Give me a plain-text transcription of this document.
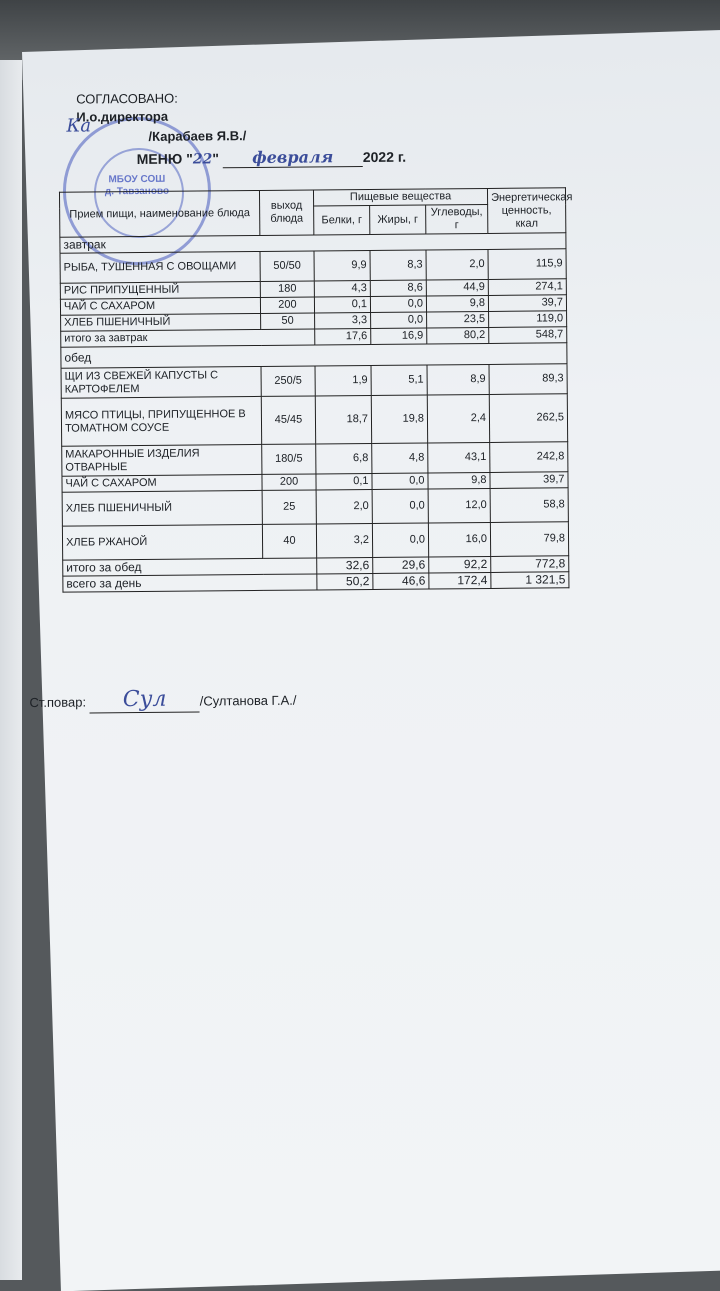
МБОУ СОШ
д. Тавзаново
СОГЛАСОВАНО:
И.о.директора
Ка	/Карабаев Я.В./
МЕНЮ "22" февраля 2022 г.
Прием пищи, наименование блюда	выход блюда	Пищевые вещества			Энергетическая ценность, ккал
		Белки, г	Жиры, г	Углеводы, г	
завтрак					
РЫБА, ТУШЕННАЯ С ОВОЩАМИ	50/50	9,9	8,3	2,0	115,9
РИС ПРИПУЩЕННЫЙ	180	4,3	8,6	44,9	274,1
ЧАЙ С САХАРОМ	200	0,1	0,0	9,8	39,7
ХЛЕБ ПШЕНИЧНЫЙ	50	3,3	0,0	23,5	119,0
итого за завтрак		17,6	16,9	80,2	548,7
обед					
ЩИ ИЗ СВЕЖЕЙ КАПУСТЫ С КАРТОФЕЛЕМ	250/5	1,9	5,1	8,9	89,3
МЯСО ПТИЦЫ, ПРИПУЩЕННОЕ В ТОМАТНОМ СОУСЕ	45/45	18,7	19,8	2,4	262,5
МАКАРОННЫЕ ИЗДЕЛИЯ ОТВАРНЫЕ	180/5	6,8	4,8	43,1	242,8
ЧАЙ С САХАРОМ	200	0,1	0,0	9,8	39,7
ХЛЕБ ПШЕНИЧНЫЙ	25	2,0	0,0	12,0	58,8
ХЛЕБ РЖАНОЙ	40	3,2	0,0	16,0	79,8
итого за обед		32,6	29,6	92,2	772,8
всего за день		50,2	46,6	172,4	1 321,5
Ст.повар: Сул	/Султанова Г.А./
